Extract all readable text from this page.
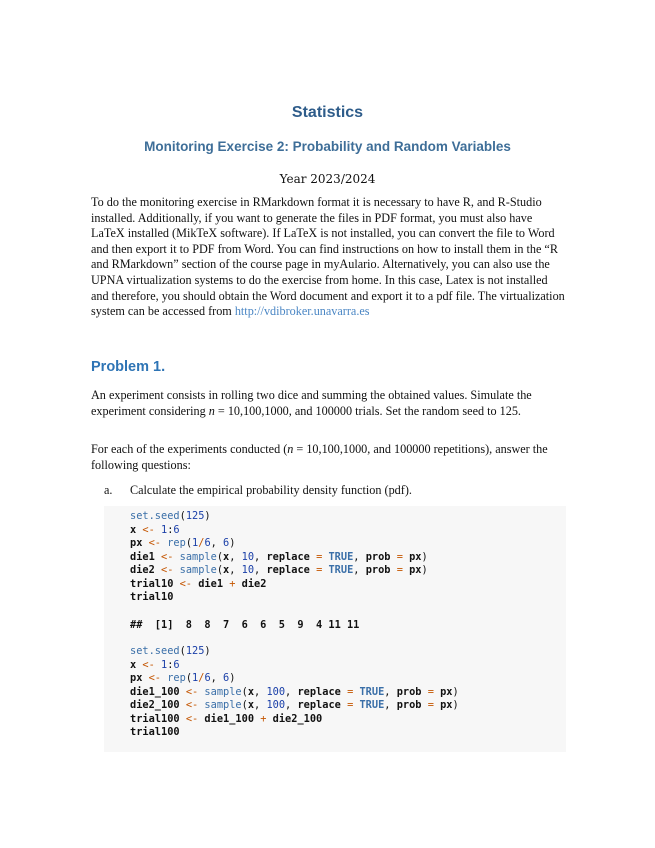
Statistics
Monitoring Exercise 2: Probability and Random Variables
Year 2023/2024

To do the monitoring exercise in RMarkdown format it is necessary to have R, and R-Studio installed. Additionally, if you want to generate the files in PDF format, you must also have LaTeX installed (MikTeX software). If LaTeX is not installed, you can convert the file to Word and then export it to PDF from Word. You can find instructions on how to install them in the “R and RMarkdown” section of the course page in myAulario. Alternatively, you can also use the UPNA virtualization systems to do the exercise from home. In this case, Latex is not installed and therefore, you should obtain the Word document and export it to a pdf file. The virtualization system can be accessed from http://vdibroker.unavarra.es

Problem 1.

An experiment consists in rolling two dice and summing the obtained values. Simulate the experiment considering n = 10,100,1000, and 100000 trials. Set the random seed to 125.

For each of the experiments conducted (n = 10,100,1000, and 100000 repetitions), answer the following questions:

a. Calculate the empirical probability density function (pdf).
set.seed(125)
x <- 1:6
px <- rep(1/6, 6)
die1 <- sample(x, 10, replace = TRUE, prob = px)
die2 <- sample(x, 10, replace = TRUE, prob = px)
trial10 <- die1 + die2
trial10
##  [1]  8  8  7  6  6  5  9  4 11 11
set.seed(125)
x <- 1:6
px <- rep(1/6, 6)
die1_100 <- sample(x, 100, replace = TRUE, prob = px)
die2_100 <- sample(x, 100, replace = TRUE, prob = px)
trial100 <- die1_100 + die2_100
trial100
